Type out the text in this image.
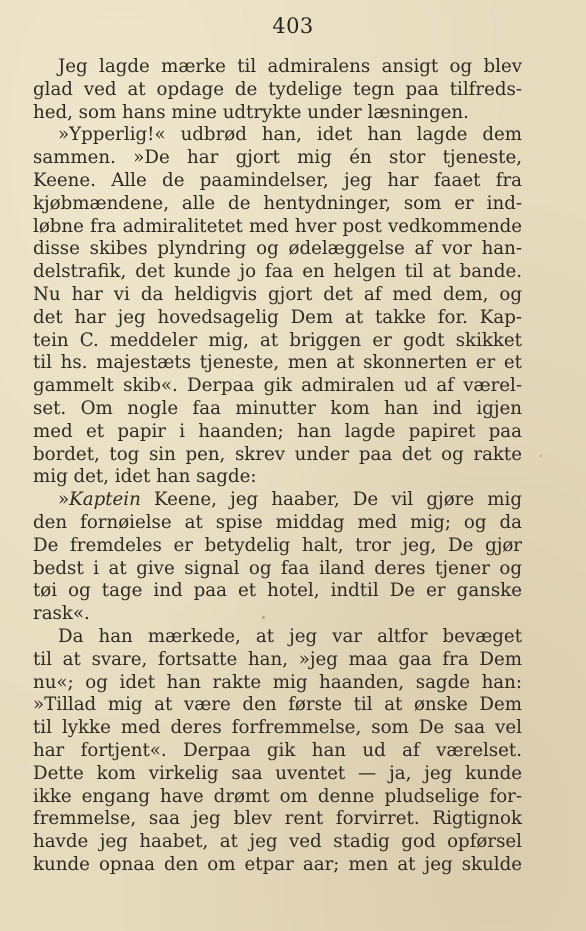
403
Jeg lagde mærke til admiralens ansigt og blev
glad ved at opdage de tydelige tegn paa tilfreds-
hed, som hans mine udtrykte under læsningen.
»Ypperlig!« udbrød han, idet han lagde dem
sammen. »De har gjort mig én stor tjeneste,
Keene. Alle de paamindelser, jeg har faaet fra
kjøbmændene, alle de hentydninger, som er ind-
løbne fra admiralitetet med hver post vedkommende
disse skibes plyndring og ødelæggelse af vor han-
delstrafik, det kunde jo faa en helgen til at bande.
Nu har vi da heldigvis gjort det af med dem, og
det har jeg hovedsagelig Dem at takke for. Kap-
tein C. meddeler mig, at briggen er godt skikket
til hs. majestæts tjeneste, men at skonnerten er et
gammelt skib«. Derpaa gik admiralen ud af værel-
set. Om nogle faa minutter kom han ind igjen
med et papir i haanden; han lagde papiret paa
bordet, tog sin pen, skrev under paa det og rakte
mig det, idet han sagde:
»Kaptein Keene, jeg haaber, De vil gjøre mig
den fornøielse at spise middag med mig; og da
De fremdeles er betydelig halt, tror jeg, De gjør
bedst i at give signal og faa iland deres tjener og
tøi og tage ind paa et hotel, indtil De er ganske
rask«.
Da han mærkede, at jeg var altfor bevæget
til at svare, fortsatte han, »jeg maa gaa fra Dem
nu«; og idet han rakte mig haanden, sagde han:
»Tillad mig at være den første til at ønske Dem
til lykke med deres forfremmelse, som De saa vel
har fortjent«. Derpaa gik han ud af værelset.
Dette kom virkelig saa uventet — ja, jeg kunde
ikke engang have drømt om denne pludselige for-
fremmelse, saa jeg blev rent forvirret. Rigtignok
havde jeg haabet, at jeg ved stadig god opførsel
kunde opnaa den om etpar aar; men at jeg skulde
